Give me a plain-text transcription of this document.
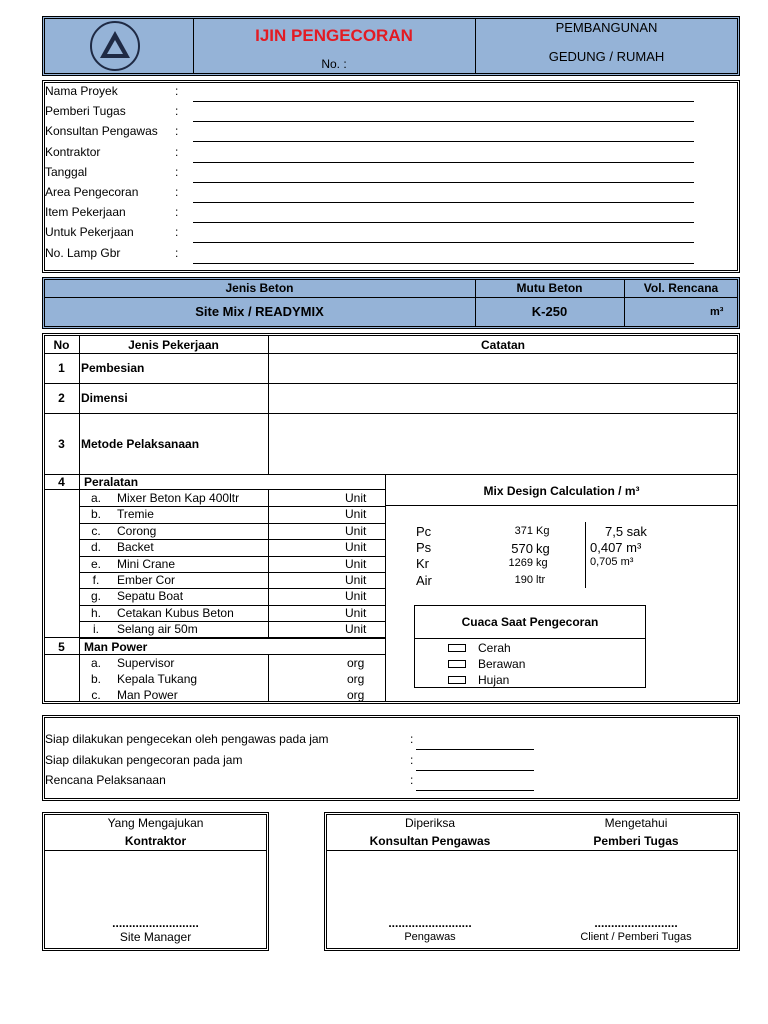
IJIN PENGECORAN
No. :
PEMBANGUNAN
GEDUNG / RUMAH
Nama Proyek	:
Pemberi Tugas	:
Konsultan Pengawas :
Kontraktor	:
Tanggal	:
Area Pengecoran	:
Item Pekerjaan	:
Untuk Pekerjaan	:
No. Lamp Gbr	:
Jenis Beton	Mutu Beton	Vol. Rencana
Site Mix / READYMIX	K-250	m³
No	Jenis Pekerjaan	Catatan
1	Pembesian
2	Dimensi
3	Metode Pelaksanaan
4	Peralatan
a.	Mixer Beton Kap 400ltr	Unit
b.	Tremie	Unit
c.	Corong	Unit
d.	Backet	Unit
e.	Mini Crane	Unit
f.	Ember Cor	Unit
g.	Sepatu Boat	Unit
h.	Cetakan Kubus Beton	Unit
i.	Selang air 50m	Unit
5	Man Power
a.	Supervisor	org
b.	Kepala Tukang	org
c.	Man Power	org
Mix Design Calculation / m³
Pc	371 Kg	7,5 sak
Ps	570 kg	0,407 m³
Kr	1269 kg	0,705 m³
Air	190 ltr
Cuaca Saat Pengecoran
Cerah
Berawan
Hujan
Siap dilakukan pengecekan oleh pengawas pada jam	:
Siap dilakukan pengecoran pada jam	:
Rencana Pelaksanaan	:
Yang Mengajukan
Kontraktor
..........................
Site Manager
Diperiksa
Konsultan Pengawas
.........................
Pengawas
Mengetahui
Pemberi Tugas
.........................
Client / Pemberi Tugas
